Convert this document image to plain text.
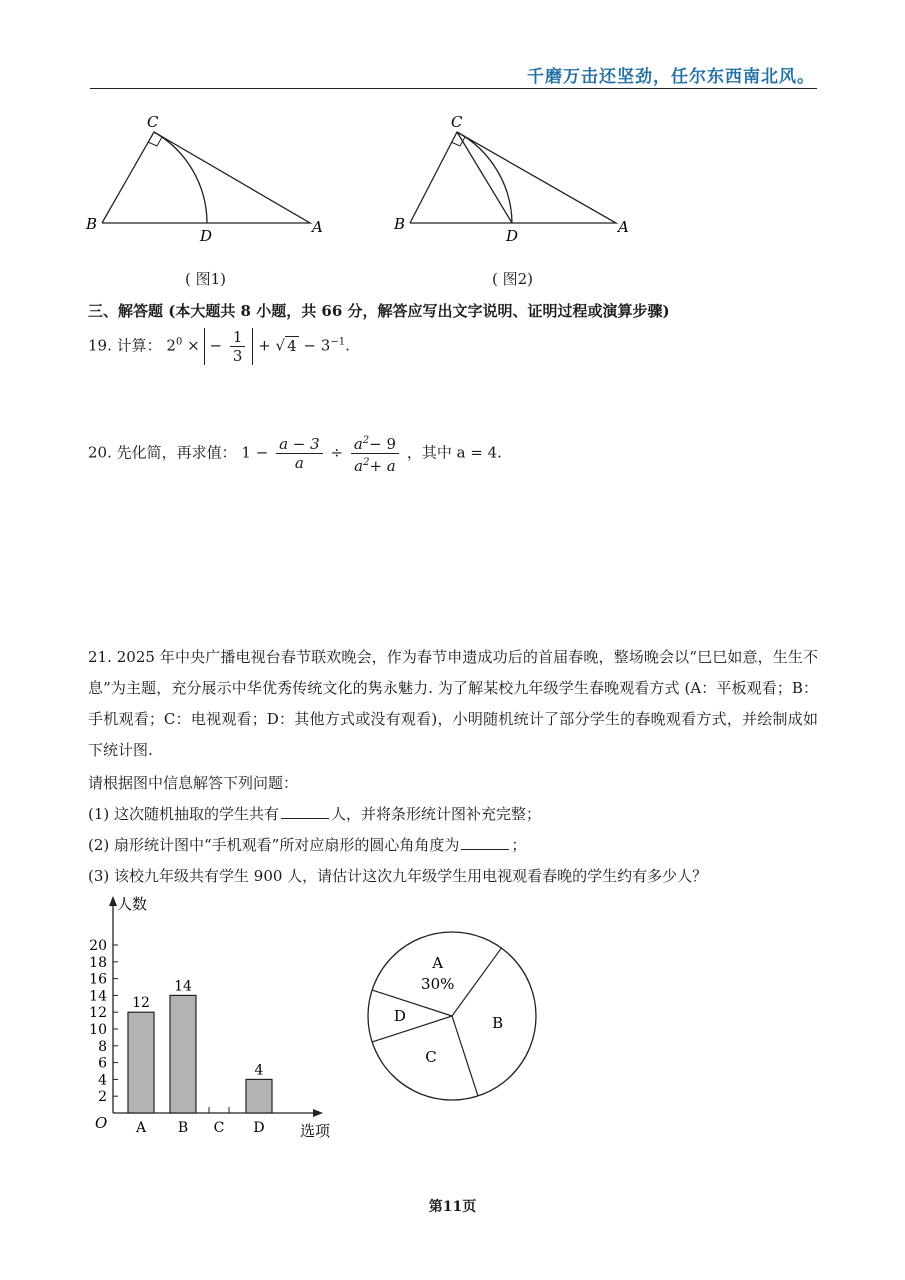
千磨万击还坚劲，任尔东西南北风。
C
B
D	A
( 图1)
C
B
D	A
( 图2)
三、解答题 (本大题共 8 小题，共 66 分，解答应写出文字说明、证明过程或演算步骤)
19. 计算： $2^0$ × − $\frac{1}{3}$ + √ $4 - 3^{-1}$.
20. 先化简，再求值： $1 - \frac{a - 3}{a} \div \frac{a^2- 9}{a^2+ a}$ ，其中 a = 4.

21. 2025 年中央广播电视台春节联欢晚会，作为春节申遗成功后的首届春晚，整场晚会以“巳巳如意，生生不息”为主题，充分展示中华优秀传统文化的隽永魅力. 为了解某校九年级学生春晚观看方式 (A：平板观看；B：手机观看；C：电视观看；D：其他方式或没有观看)，小明随机统计了部分学生的春晚观看方式，并绘制成如下统计图.

请根据图中信息解答下列问题：
(1) 这次随机抽取的学生共有	人，并将条形统计图补充完整；
(2) 扇形统计图中“手机观看”所对应扇形的圆心角角度为	；
(3) 该校九年级共有学生 900 人，请估计这次九年级学生用电视观看春晚的学生约有多少人？
人数
选项
O
2
4
6
8
10
12
14
16
18
20
12
A
14
B C
4
D
A
30%
B
C
D
第11页
